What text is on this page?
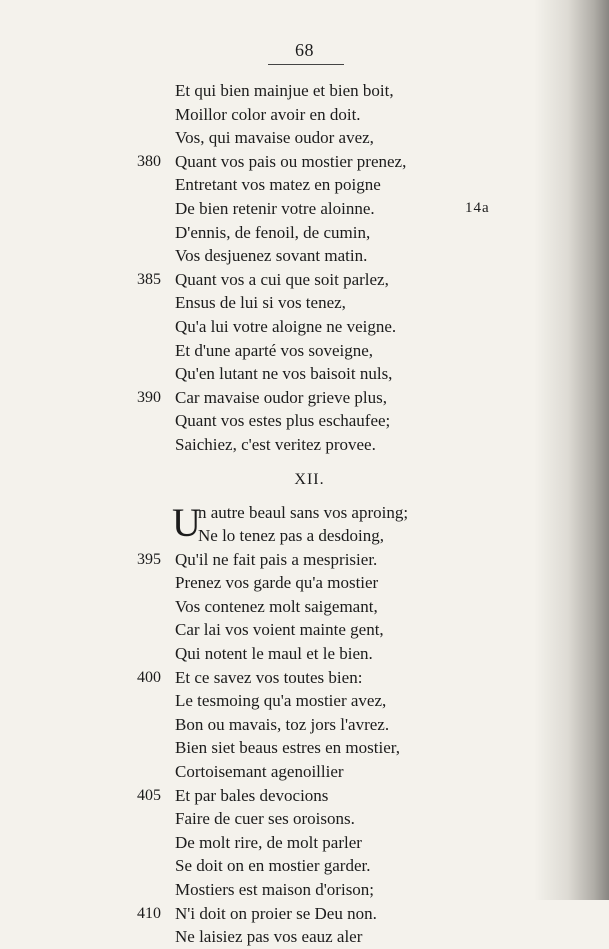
68
Et qui bien mainjue et bien boit,
Moillor color avoir en doit.
Vos, qui mavaise oudor avez,
380 Quant vos pais ou mostier prenez,
Entretant vos matez en poigne
De bien retenir votre aloinne.	14a
D'ennis, de fenoil, de cumin,
Vos desjuenez sovant matin.
385 Quant vos a cui que soit parlez,
Ensus de lui si vos tenez,
Qu'a lui votre aloigne ne veigne.
Et d'une aparté vos soveigne,
Qu'en lutant ne vos baisoit nuls,
390 Car mavaise oudor grieve plus,
Quant vos estes plus eschaufee;
Saichiez, c'est veritez provee.
XII.
U
n autre beaul sans vos aproing;
Ne lo tenez pas a desdoing,
395 Qu'il ne fait pais a mesprisier.
Prenez vos garde qu'a mostier
Vos contenez molt saigemant,
Car lai vos voient mainte gent,
Qui notent le maul et le bien.
400 Et ce savez vos toutes bien:
Le tesmoing qu'a mostier avez,
Bon ou mavais, toz jors l'avrez.
Bien siet beaus estres en mostier,
Cortoisemant agenoillier
405 Et par bales devocions
Faire de cuer ses oroisons.
De molt rire, de molt parler
Se doit on en mostier garder.
Mostiers est maison d'orison;
410 N'i doit on proier se Deu non.
Ne laisiez pas vos eauz aler
